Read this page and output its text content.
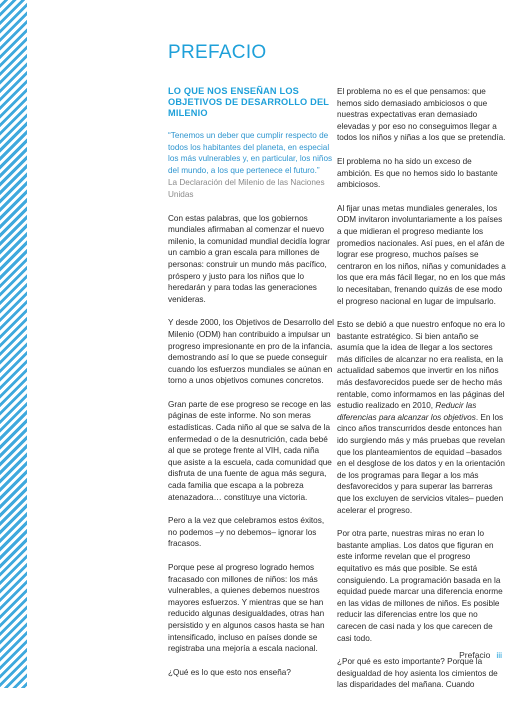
PREFACIO
LO QUE NOS ENSEÑAN LOS OBJETIVOS DE DESARROLLO DEL MILENIO
“Tenemos un deber que cumplir respecto de todos los habitantes del planeta, en especial los más vulnerables y, en particular, los niños del mundo, a los que pertenece el futuro.”
La Declaración del Milenio de las Naciones Unidas

Con estas palabras, que los gobiernos mundiales afirmaban al comenzar el nuevo milenio, la comunidad mundial decidía lograr un cambio a gran escala para millones de personas: construir un mundo más pacífico, próspero y justo para los niños que lo heredarán y para todas las generaciones venideras.

Y desde 2000, los Objetivos de Desarrollo del Milenio (ODM) han contribuido a impulsar un progreso impresionante en pro de la infancia, demostrando así lo que se puede conseguir cuando los esfuerzos mundiales se aúnan en torno a unos objetivos comunes concretos.

Gran parte de ese progreso se recoge en las páginas de este informe. No son meras estadísticas. Cada niño al que se salva de la enfermedad o de la desnutrición, cada bebé al que se protege frente al VIH, cada niña que asiste a la escuela, cada comunidad que disfruta de una fuente de agua más segura, cada familia que escapa a la pobreza atenazadora… constituye una victoria.

Pero a la vez que celebramos estos éxitos, no podemos –y no debemos– ignorar los fracasos.

Porque pese al progreso logrado hemos fracasado con millones de niños: los más vulnerables, a quienes debemos nuestros mayores esfuerzos. Y mientras que se han reducido algunas desigualdades, otras han persistido y en algunos casos hasta se han intensificado, incluso en países donde se registraba una mejoría a escala nacional.

¿Qué es lo que esto nos enseña?

El problema no es el que pensamos: que hemos sido demasiado ambiciosos o que nuestras expectativas eran demasiado elevadas y por eso no conseguimos llegar a todos los niños y niñas a los que se pretendía.

El problema no ha sido un exceso de ambición. Es que no hemos sido lo bastante ambiciosos.

Al fijar unas metas mundiales generales, los ODM invitaron involuntariamente a los países a que midieran el progreso mediante los promedios nacionales. Así pues, en el afán de lograr ese progreso, muchos países se centraron en los niños, niñas y comunidades a los que era más fácil llegar, no en los que más lo necesitaban, frenando quizás de ese modo el progreso nacional en lugar de impulsarlo.

Esto se debió a que nuestro enfoque no era lo bastante estratégico. Si bien antaño se asumía que la idea de llegar a los sectores más difíciles de alcanzar no era realista, en la actualidad sabemos que invertir en los niños más desfavorecidos puede ser de hecho más rentable, como informamos en las páginas del estudio realizado en 2010, Reducir las diferencias para alcanzar los objetivos. En los cinco años transcurridos desde entonces han ido surgiendo más y más pruebas que revelan que los planteamientos de equidad –basados en el desglose de los datos y en la orientación de los programas para llegar a los más desfavorecidos y para superar las barreras que los excluyen de servicios vitales– pueden acelerar el progreso.

Por otra parte, nuestras miras no eran lo bastante amplias. Los datos que figuran en este informe revelan que el progreso equitativo es más que posible. Se está consiguiendo. La programación basada en la equidad puede marcar una diferencia enorme en las vidas de millones de niños. Es posible reducir las diferencias entre los que no carecen de casi nada y los que carecen de casi todo.

¿Por qué es esto importante? Porque la desigualdad de hoy asienta los cimientos de las disparidades del mañana. Cuando

Prefacio iii
